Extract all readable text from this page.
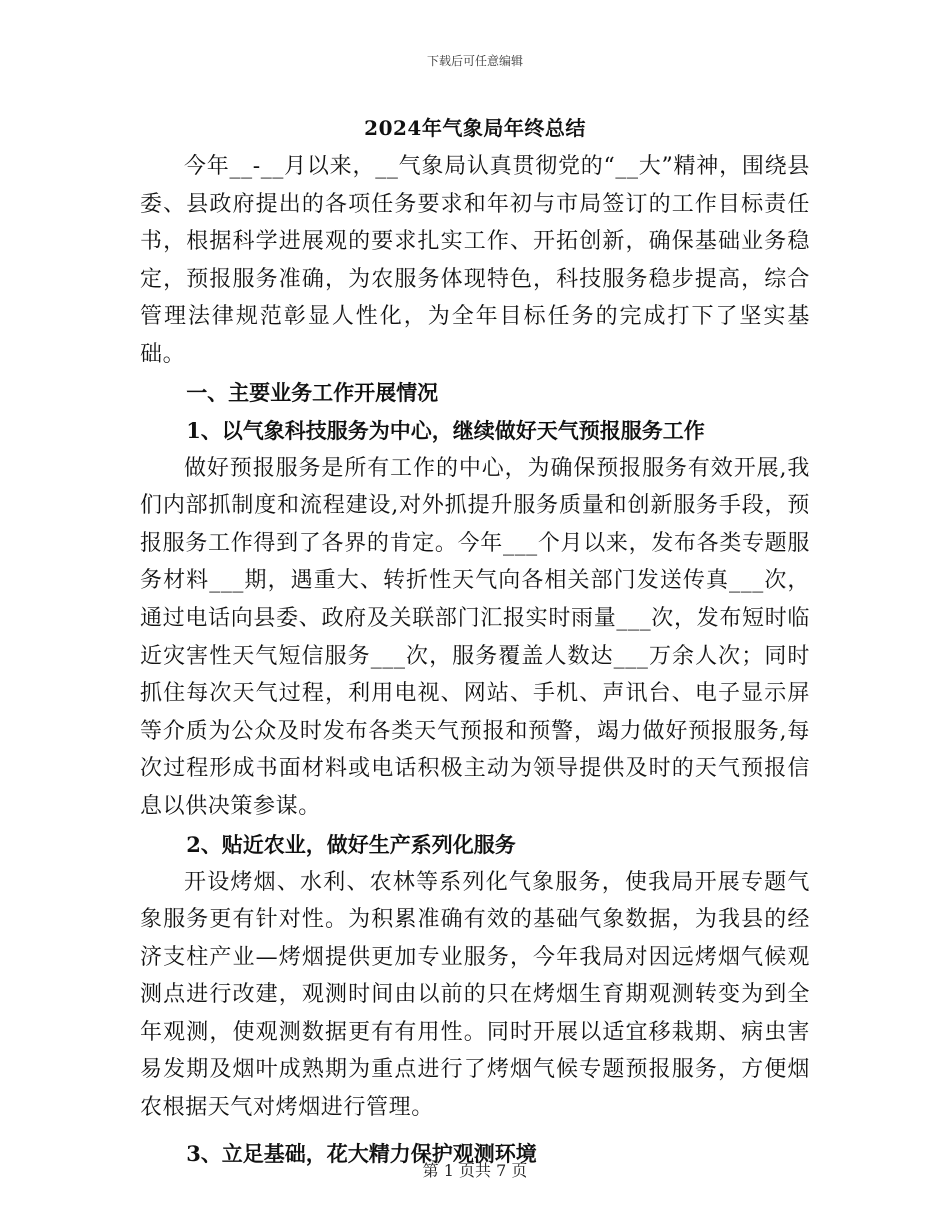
下载后可任意编辑
2024年气象局年终总结

今年__-__月以来，__气象局认真贯彻党的“__大”精神，围绕县委、县政府提出的各项任务要求和年初与市局签订的工作目标责任书，根据科学进展观的要求扎实工作、开拓创新，确保基础业务稳定，预报服务准确，为农服务体现特色，科技服务稳步提高，综合管理法律规范彰显人性化，为全年目标任务的完成打下了坚实基础。

一、主要业务工作开展情况

1、以气象科技服务为中心，继续做好天气预报服务工作

做好预报服务是所有工作的中心，为确保预报服务有效开展,我们内部抓制度和流程建设,对外抓提升服务质量和创新服务手段，预报服务工作得到了各界的肯定。今年___个月以来，发布各类专题服务材料___期，遇重大、转折性天气向各相关部门发送传真___次，通过电话向县委、政府及关联部门汇报实时雨量___次，发布短时临近灾害性天气短信服务___次，服务覆盖人数达___万余人次；同时抓住每次天气过程，利用电视、网站、手机、声讯台、电子显示屏等介质为公众及时发布各类天气预报和预警，竭力做好预报服务,每次过程形成书面材料或电话积极主动为领导提供及时的天气预报信息以供决策参谋。

2、贴近农业，做好生产系列化服务

开设烤烟、水利、农林等系列化气象服务，使我局开展专题气象服务更有针对性。为积累准确有效的基础气象数据，为我县的经济支柱产业—烤烟提供更加专业服务，今年我局对因远烤烟气候观测点进行改建，观测时间由以前的只在烤烟生育期观测转变为到全年观测，使观测数据更有有用性。同时开展以适宜移栽期、病虫害易发期及烟叶成熟期为重点进行了烤烟气候专题预报服务，方便烟农根据天气对烤烟进行管理。

3、立足基础，花大精力保护观测环境

第 1 页共 7 页
